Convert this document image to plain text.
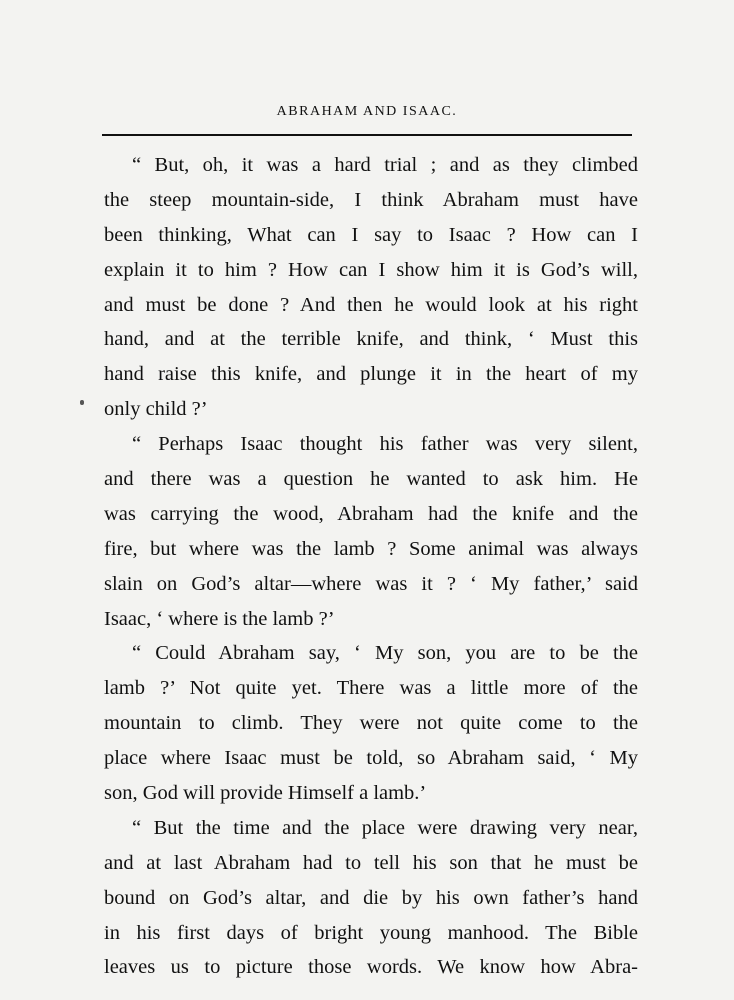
ABRAHAM AND ISAAC.
“ But, oh, it was a hard trial ; and as they climbed
the steep mountain-side, I think Abraham must have
been thinking, What can I say to Isaac ? How can I
explain it to him ? How can I show him it is God’s will,
and must be done ? And then he would look at his right
hand, and at the terrible knife, and think, ‘ Must this
hand raise this knife, and plunge it in the heart of my
only child ?’
“ Perhaps Isaac thought his father was very silent,
and there was a question he wanted to ask him. He
was carrying the wood, Abraham had the knife and the
fire, but where was the lamb ? Some animal was always
slain on God’s altar—where was it ? ‘ My father,’ said
Isaac, ‘ where is the lamb ?’
“ Could Abraham say, ‘ My son, you are to be the
lamb ?’ Not quite yet. There was a little more of the
mountain to climb. They were not quite come to the
place where Isaac must be told, so Abraham said, ‘ My
son, God will provide Himself a lamb.’
“ But the time and the place were drawing very near,
and at last Abraham had to tell his son that he must be
bound on God’s altar, and die by his own father’s hand
in his first days of bright young manhood. The Bible
leaves us to picture those words. We know how Abra-
